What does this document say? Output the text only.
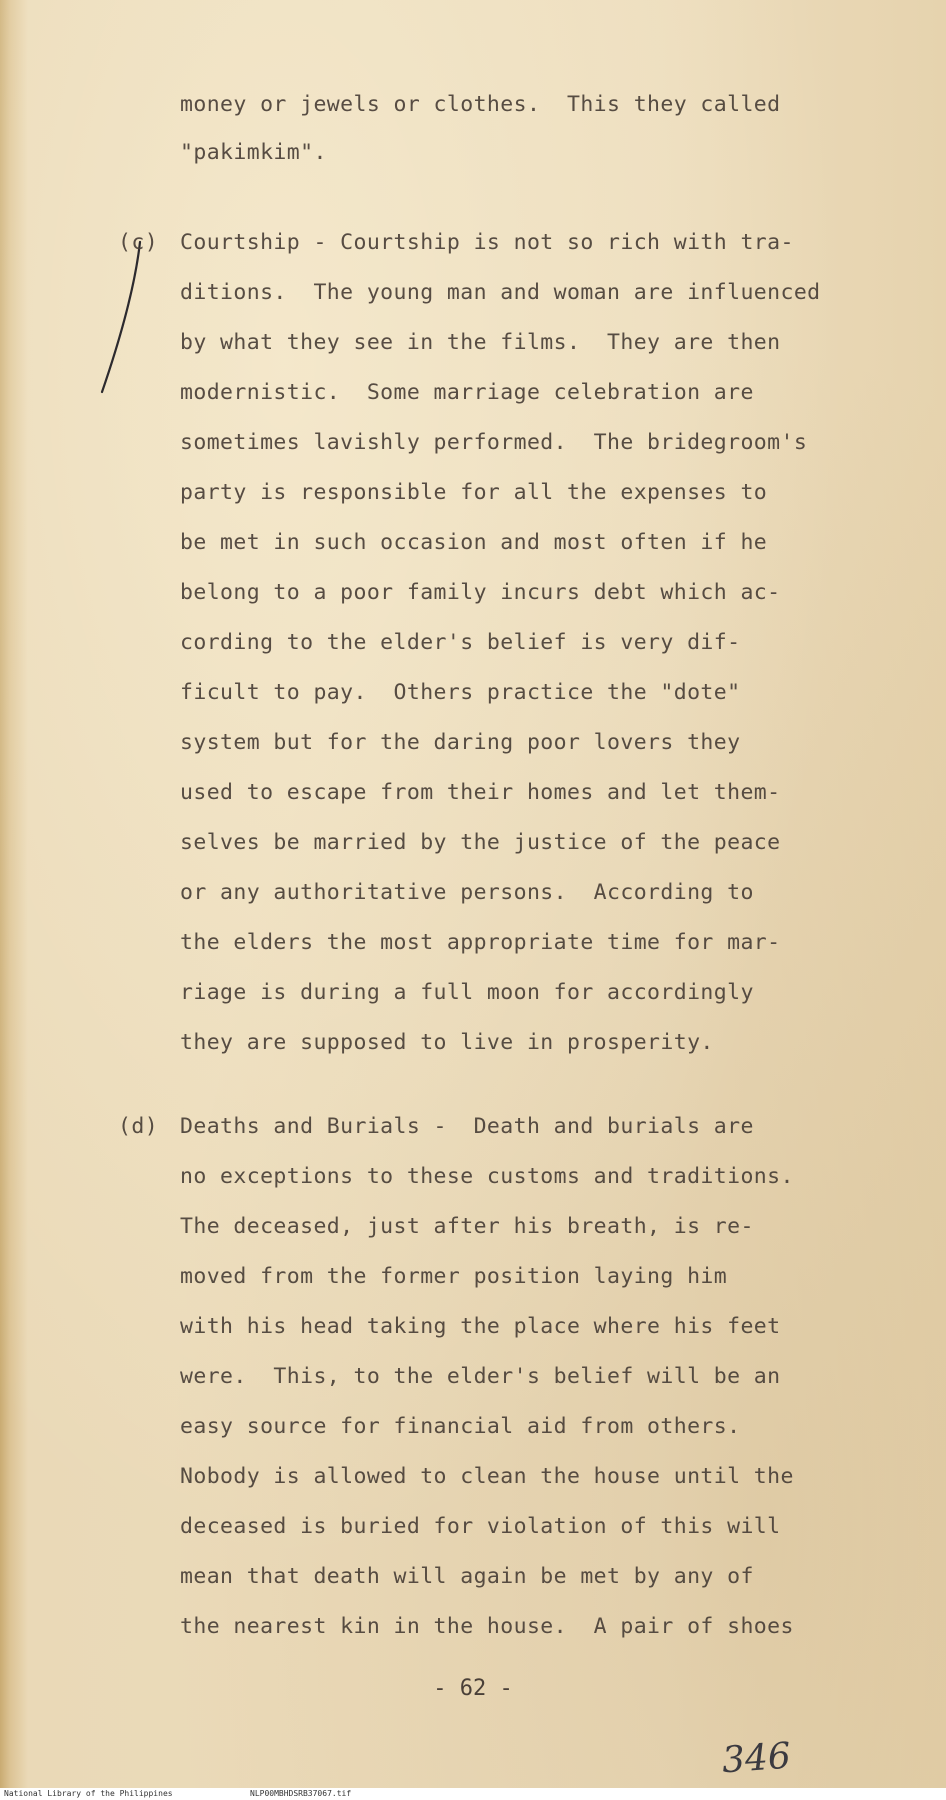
money or jewels or clothes.  This they called
"pakimkim".
(c) Courtship - Courtship is not so rich with tra-
ditions.  The young man and woman are influenced
by what they see in the films.  They are then
modernistic.  Some marriage celebration are
sometimes lavishly performed.  The bridegroom's
party is responsible for all the expenses to
be met in such occasion and most often if he
belong to a poor family incurs debt which ac-
cording to the elder's belief is very dif-
ficult to pay.  Others practice the "dote"
system but for the daring poor lovers they
used to escape from their homes and let them-
selves be married by the justice of the peace
or any authoritative persons.  According to
the elders the most appropriate time for mar-
riage is during a full moon for accordingly
they are supposed to live in prosperity.
(d) Deaths and Burials -  Death and burials are
no exceptions to these customs and traditions.
The deceased, just after his breath, is re-
moved from the former position laying him
with his head taking the place where his feet
were.  This, to the elder's belief will be an
easy source for financial aid from others.
Nobody is allowed to clean the house until the
deceased is buried for violation of this will
mean that death will again be met by any of
the nearest kin in the house.  A pair of shoes
- 62 -
346
National Library of the Philippines	NLP00MBHDSRB37067.tif
